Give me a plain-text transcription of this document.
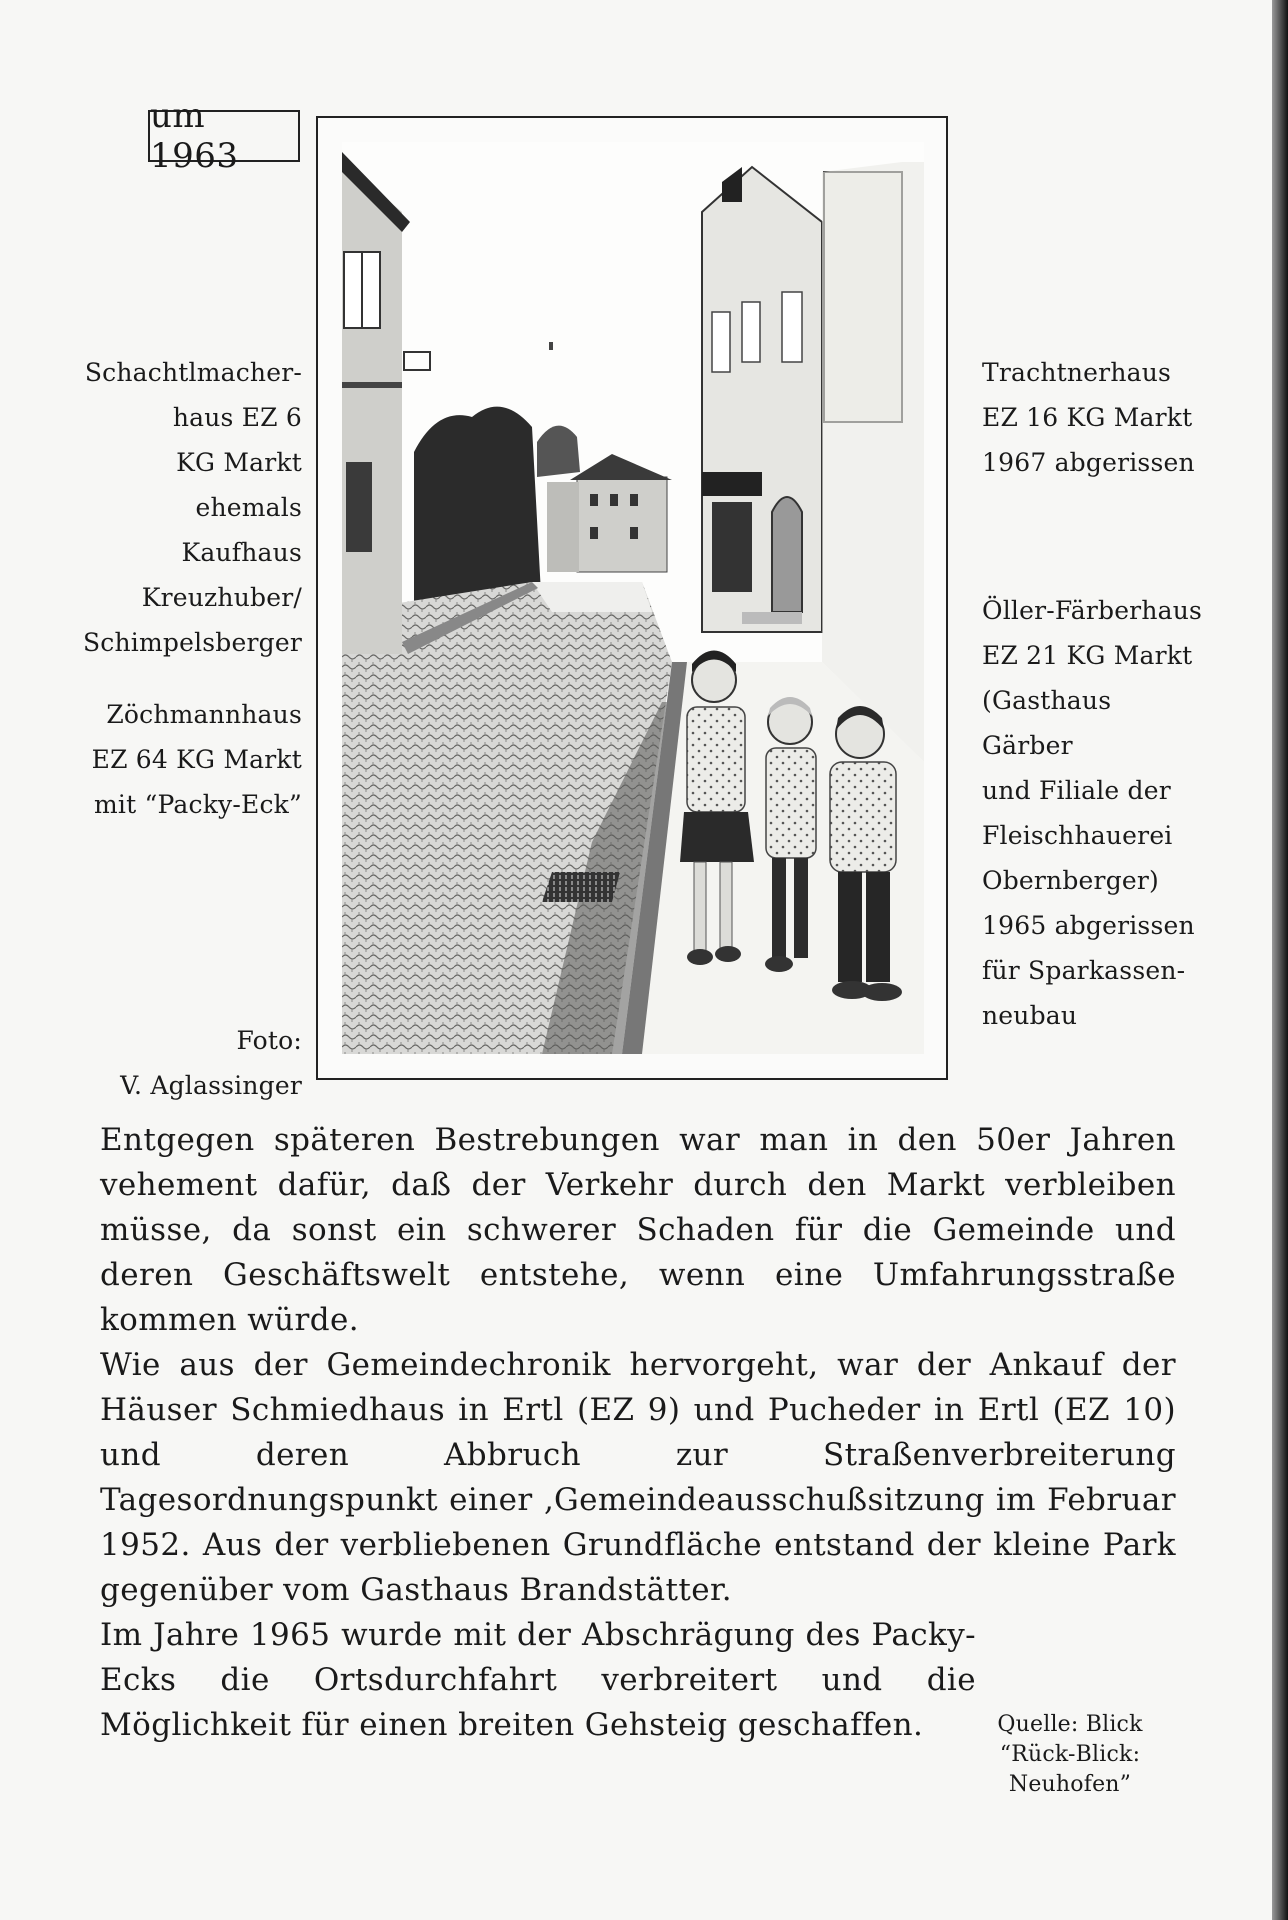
um 1963
Schachtlmacher-
haus EZ 6
KG Markt
ehemals
Kaufhaus
Kreuzhuber/
Schimpelsberger
Zöchmannhaus
EZ 64 KG Markt
mit “Packy-Eck”
Foto:
V. Aglassinger
Trachtnerhaus
EZ 16 KG Markt
1967 abgerissen
Öller-Färberhaus
EZ 21 KG Markt
(Gasthaus
Gärber
und Filiale der
Fleischhauerei
Obernberger)
1965 abgerissen
für Sparkassen-
neubau

Entgegen späteren Bestrebungen war man in den 50er Jahren vehement dafür, daß der Verkehr durch den Markt verbleiben müsse, da sonst ein schwerer Schaden für die Gemeinde und deren Geschäftswelt entstehe, wenn eine Umfahrungsstraße kommen würde.

Wie aus der Gemeindechronik hervorgeht, war der Ankauf der Häuser Schmiedhaus in Ertl (EZ 9) und Pucheder in Ertl (EZ 10) und deren Abbruch zur Straßenverbreiterung Tagesordnungspunkt einer ‚Gemeindeausschußsitzung im Februar 1952. Aus der verbliebenen Grundfläche entstand der kleine Park gegenüber vom Gasthaus Brandstätter.

Im Jahre 1965 wurde mit der Abschrägung des Packy-Ecks die Ortsdurchfahrt verbreitert und die Möglichkeit für einen breiten Gehsteig geschaffen.	Quelle: Blick
“Rück-Blick:
Neuhofen”
